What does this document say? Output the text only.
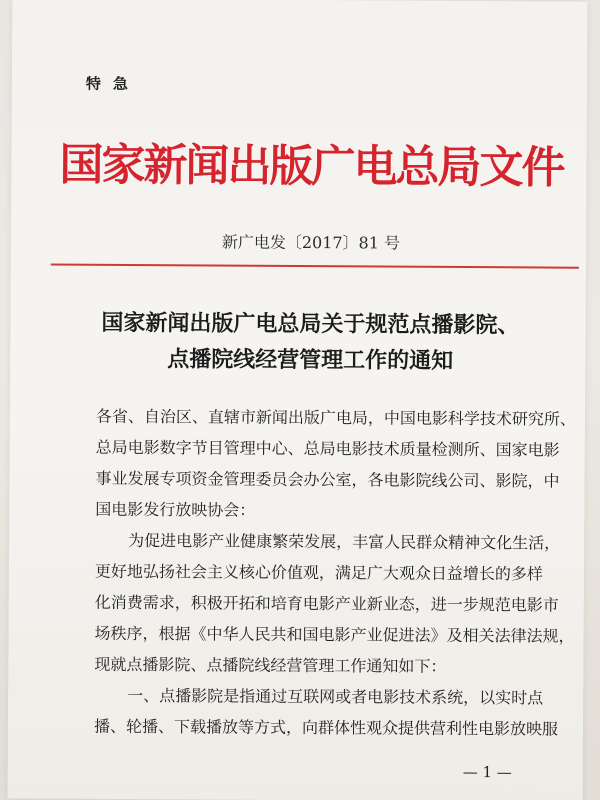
特急
国家新闻出版广电总局文件
新广电发〔2017〕81 号
国家新闻出版广电总局关于规范点播影院、
点播院线经营管理工作的通知
各省、自治区、直辖市新闻出版广电局，中国电影科学技术研究所、
总局电影数字节目管理中心、总局电影技术质量检测所、国家电影
事业发展专项资金管理委员会办公室，各电影院线公司、影院，中
国电影发行放映协会：
为促进电影产业健康繁荣发展，丰富人民群众精神文化生活，
更好地弘扬社会主义核心价值观，满足广大观众日益增长的多样
化消费需求，积极开拓和培育电影产业新业态，进一步规范电影市
场秩序，根据《中华人民共和国电影产业促进法》及相关法律法规，
现就点播影院、点播院线经营管理工作通知如下：
一、点播影院是指通过互联网或者电影技术系统，以实时点
播、轮播、下载播放等方式，向群体性观众提供营利性电影放映服
— 1 —
